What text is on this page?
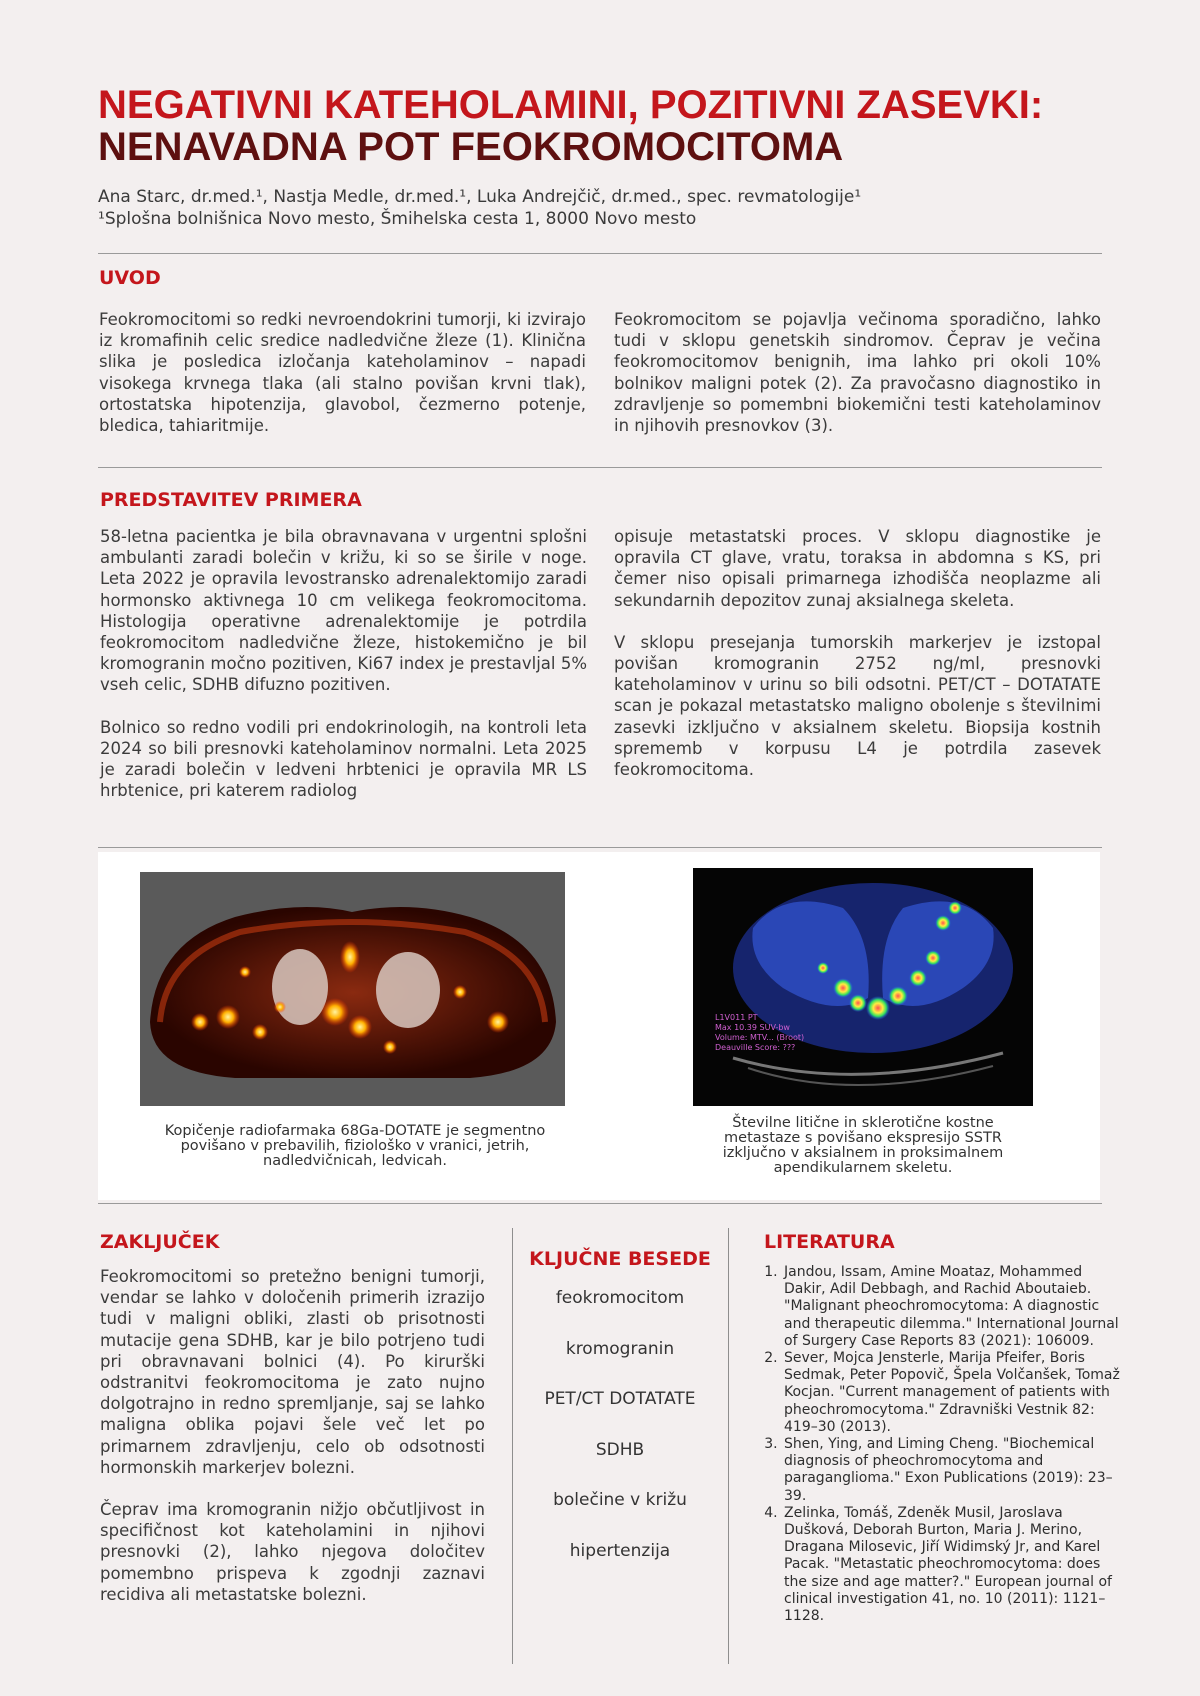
NEGATIVNI KATEHOLAMINI, POZITIVNI ZASEVKI:
NENAVADNA POT FEOKROMOCITOMA
Ana Starc, dr.med.¹, Nastja Medle, dr.med.¹, Luka Andrejčič, dr.med., spec. revmatologije¹
¹Splošna bolnišnica Novo mesto, Šmihelska cesta 1, 8000 Novo mesto
UVOD

Feokromocitomi so redki nevroendokrini tumorji, ki izvirajo iz kromafinih celic sredice nadledvične žleze (1). Klinična slika je posledica izločanja kateholaminov – napadi visokega krvnega tlaka (ali stalno povišan krvni tlak), ortostatska hipotenzija, glavobol, čezmerno potenje, bledica, tahiaritmije.

Feokromocitom se pojavlja večinoma sporadično, lahko tudi v sklopu genetskih sindromov. Čeprav je večina feokromocitomov benignih, ima lahko pri okoli 10% bolnikov maligni potek (2). Za pravočasno diagnostiko in zdravljenje so pomembni biokemični testi kateholaminov in njihovih presnovkov (3).

PREDSTAVITEV PRIMERA

58-letna pacientka je bila obravnavana v urgentni splošni ambulanti zaradi bolečin v križu, ki so se širile v noge. Leta 2022 je opravila levostransko adrenalektomijo zaradi hormonsko aktivnega 10 cm velikega feokromocitoma. Histologija operativne adrenalektomije je potrdila feokromocitom nadledvične žleze, histokemično je bil kromogranin močno pozitiven, Ki67 index je prestavljal 5% vseh celic, SDHB difuzno pozitiven.

Bolnico so redno vodili pri endokrinologih, na kontroli leta 2024 so bili presnovki kateholaminov normalni. Leta 2025 je zaradi bolečin v ledveni hrbtenici je opravila MR LS hrbtenice, pri katerem radiolog

opisuje metastatski proces. V sklopu diagnostike je opravila CT glave, vratu, toraksa in abdomna s KS, pri čemer niso opisali primarnega izhodišča neoplazme ali sekundarnih depozitov zunaj aksialnega skeleta.

V sklopu presejanja tumorskih markerjev je izstopal povišan kromogranin 2752 ng/ml, presnovki kateholaminov v urinu so bili odsotni. PET/CT – DOTATATE scan je pokazal metastatsko maligno obolenje s številnimi zasevki izključno v aksialnem skeletu. Biopsija kostnih sprememb v korpusu L4 je potrdila zasevek feokromocitoma.

Kopičenje radiofarmaka 68Ga-DOTATE je segmentno povišano v prebavilih, fiziološko v vranici, jetrih, nadledvičnicah, ledvicah.
L1V011 PT
Max 10.39 SUV-bw
Volume: MTV... (Broot)
Deauville Score: ???
Številne litične in sklerotične kostne metastaze s povišano ekspresijo SSTR izključno v aksialnem in proksimalnem apendikularnem skeletu.
ZAKLJUČEK

Feokromocitomi so pretežno benigni tumorji, vendar se lahko v določenih primerih izrazijo tudi v maligni obliki, zlasti ob prisotnosti mutacije gena SDHB, kar je bilo potrjeno tudi pri obravnavani bolnici (4). Po kirurški odstranitvi feokromocitoma je zato nujno dolgotrajno in redno spremljanje, saj se lahko maligna oblika pojavi šele več let po primarnem zdravljenju, celo ob odsotnosti hormonskih markerjev bolezni.

Čeprav ima kromogranin nižjo občutljivost in specifičnost kot kateholamini in njihovi presnovki (2), lahko njegova določitev pomembno prispeva k zgodnji zaznavi recidiva ali metastatske bolezni.

KLJUČNE BESEDE
feokromocitom
kromogranin
PET/CT DOTATATE
SDHB
bolečine v križu
hipertenzija
LITERATURA
1. Jandou, Issam, Amine Moataz, Mohammed Dakir, Adil Debbagh, and Rachid Aboutaieb. "Malignant pheochromocytoma: A diagnostic and therapeutic dilemma." International Journal of Surgery Case Reports 83 (2021): 106009.
2. Sever, Mojca Jensterle, Marija Pfeifer, Boris Sedmak, Peter Popovič, Špela Volčanšek, Tomaž Kocjan. "Current management of patients with pheochromocytoma." Zdravniški Vestnik 82: 419–30 (2013).
3. Shen, Ying, and Liming Cheng. "Biochemical diagnosis of pheochromocytoma and paraganglioma." Exon Publications (2019): 23–39.
4. Zelinka, Tomáš, Zdeněk Musil, Jaroslava Dušková, Deborah Burton, Maria J. Merino, Dragana Milosevic, Jiří Widimský Jr, and Karel Pacak. "Metastatic pheochromocytoma: does the size and age matter?." European journal of clinical investigation 41, no. 10 (2011): 1121–1128.
